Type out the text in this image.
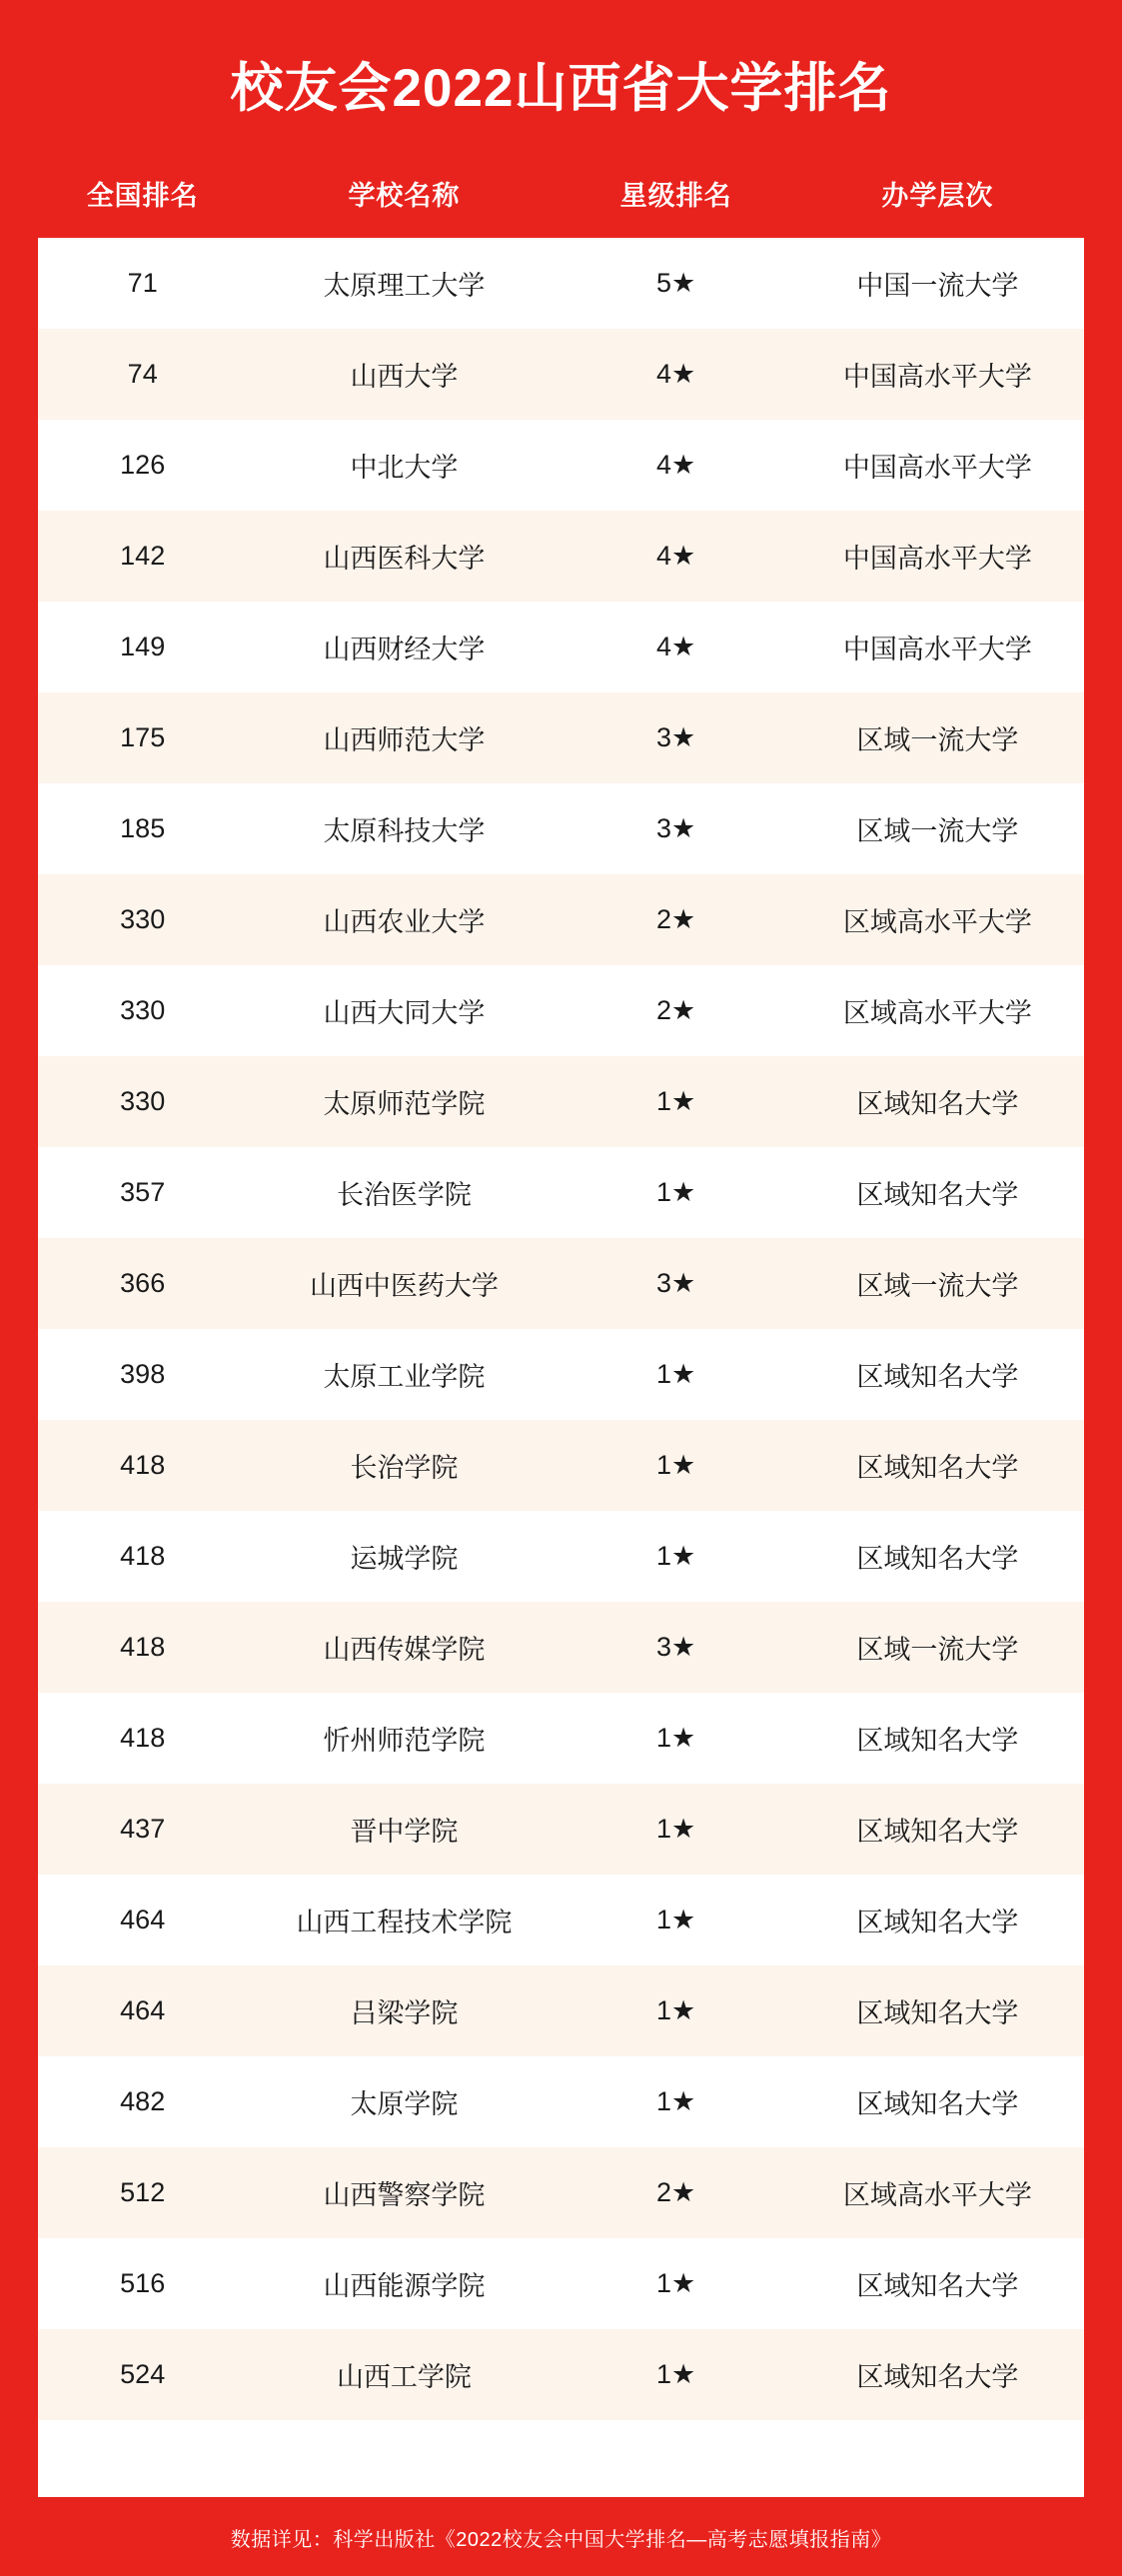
校友会2022山西省大学排名
全国排名	学校名称	星级排名	办学层次
71	太原理工大学	5★	中国一流大学
74	山西大学	4★	中国高水平大学
126	中北大学	4★	中国高水平大学
142	山西医科大学	4★	中国高水平大学
149	山西财经大学	4★	中国高水平大学
175	山西师范大学	3★	区域一流大学
185	太原科技大学	3★	区域一流大学
330	山西农业大学	2★	区域高水平大学
330	山西大同大学	2★	区域高水平大学
330	太原师范学院	1★	区域知名大学
357	长治医学院	1★	区域知名大学
366	山西中医药大学	3★	区域一流大学
398	太原工业学院	1★	区域知名大学
418	长治学院	1★	区域知名大学
418	运城学院	1★	区域知名大学
418	山西传媒学院	3★	区域一流大学
418	忻州师范学院	1★	区域知名大学
437	晋中学院	1★	区域知名大学
464	山西工程技术学院	1★	区域知名大学
464	吕梁学院	1★	区域知名大学
482	太原学院	1★	区域知名大学
512	山西警察学院	2★	区域高水平大学
516	山西能源学院	1★	区域知名大学
524	山西工学院	1★	区域知名大学
数据详见：科学出版社《2022校友会中国大学排名—高考志愿填报指南》
